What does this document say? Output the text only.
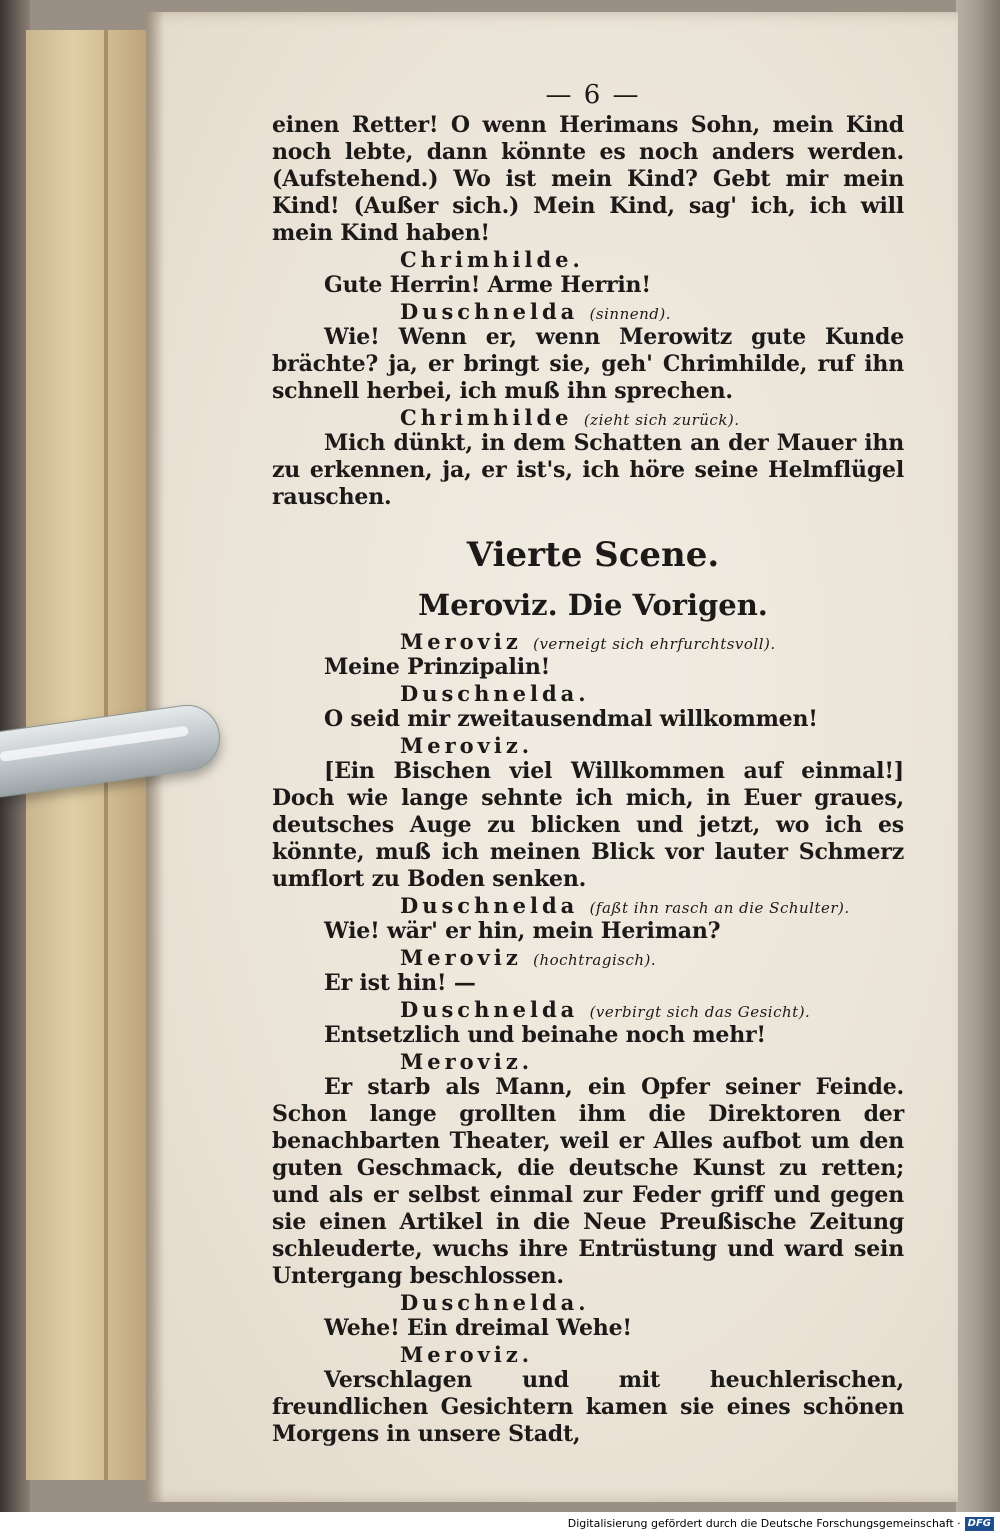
— 6 —
einen Retter! O wenn Herimans Sohn, mein Kind noch lebte, dann könnte es noch anders werden. (Aufstehend.) Wo ist mein Kind? Gebt mir mein Kind! (Außer sich.) Mein Kind, sag' ich, ich will mein Kind haben!
Chrimhilde.
Gute Herrin! Arme Herrin!
Duschnelda (sinnend).
Wie! Wenn er, wenn Merowitz gute Kunde brächte? ja, er bringt sie, geh' Chrimhilde, ruf ihn schnell herbei, ich muß ihn sprechen.
Chrimhilde (zieht sich zurück).
Mich dünkt, in dem Schatten an der Mauer ihn zu erkennen, ja, er ist's, ich höre seine Helmflügel rauschen.
Vierte Scene.
Meroviz. Die Vorigen.
Meroviz (verneigt sich ehrfurchtsvoll).
Meine Prinzipalin!
Duschnelda.
O seid mir zweitausendmal willkommen!
Meroviz.
[Ein Bischen viel Willkommen auf einmal!] Doch wie lange sehnte ich mich, in Euer graues, deutsches Auge zu blicken und jetzt, wo ich es könnte, muß ich meinen Blick vor lauter Schmerz umflort zu Boden senken.
Duschnelda (faßt ihn rasch an die Schulter).
Wie! wär' er hin, mein Heriman?
Meroviz (hochtragisch).
Er ist hin! —
Duschnelda (verbirgt sich das Gesicht).
Entsetzlich und beinahe noch mehr!
Meroviz.
Er starb als Mann, ein Opfer seiner Feinde. Schon lange grollten ihm die Direktoren der benachbarten Theater, weil er Alles aufbot um den guten Geschmack, die deutsche Kunst zu retten; und als er selbst einmal zur Feder griff und gegen sie einen Artikel in die Neue Preußische Zeitung schleuderte, wuchs ihre Entrüstung und ward sein Untergang beschlossen.
Duschnelda.
Wehe! Ein dreimal Wehe!
Meroviz.
Verschlagen und mit heuchlerischen, freundlichen Gesichtern kamen sie eines schönen Morgens in unsere Stadt,
Digitalisierung gefördert durch die Deutsche Forschungsgemeinschaft · DFG
